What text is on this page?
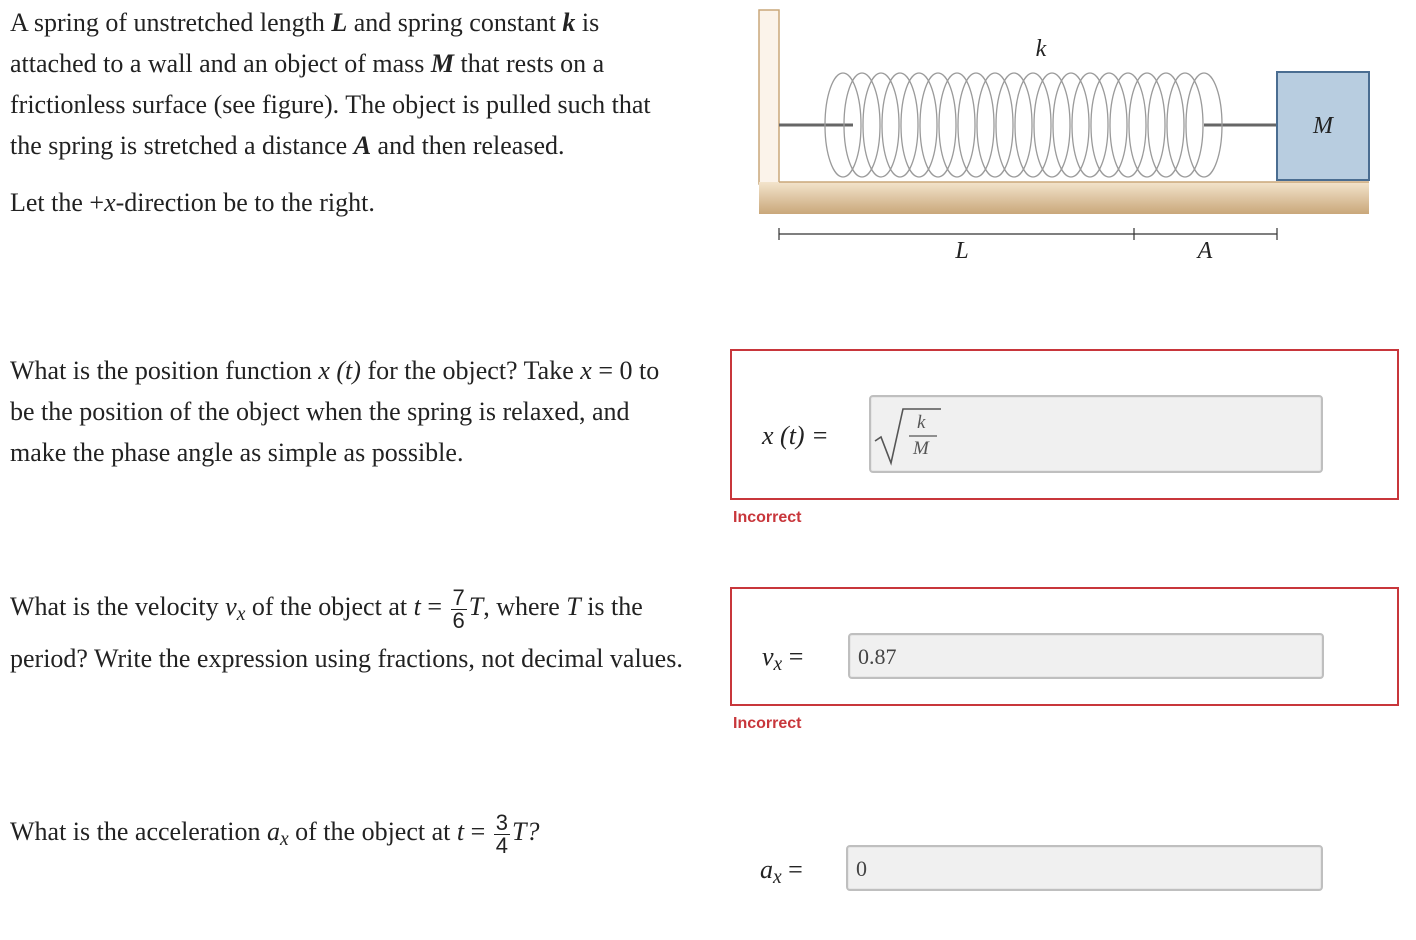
A spring of unstretched length L and spring constant k is attached to a wall and an object of mass M that rests on a frictionless surface (see figure). The object is pulled such that the spring is stretched a distance A and then released.

Let the +x-direction be to the right.

M
k
L	A
What is the position function x (t) for the object? Take x = 0 to be the position of the object when the spring is relaxed, and make the phase angle as simple as possible.
x (t) =	k
M
Incorrect
What is the velocity $v_x$ of the object at $t = \frac{7}{6} T$, where T is the period? Write the expression using fractions, not decimal values.	$v_x = 0.87$
Incorrect
What is the acceleration $a_x$ of the object at $t = \frac{3}{4} T$?
$a_x = 0$
